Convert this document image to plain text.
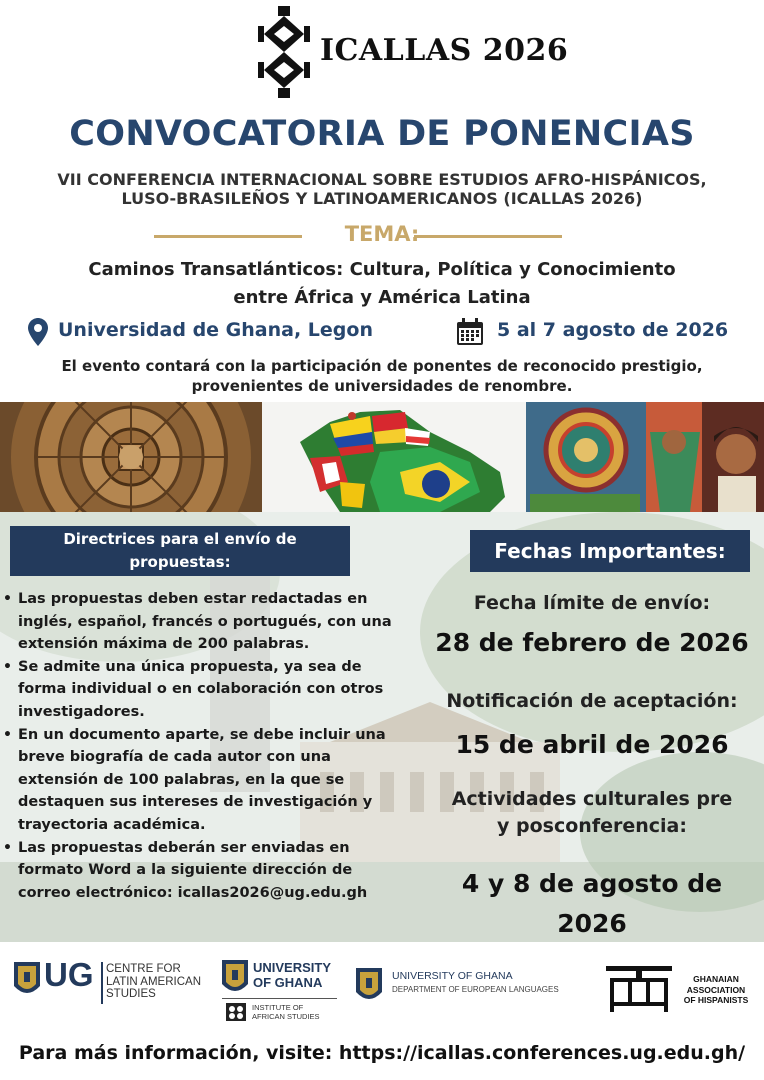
ICALLAS 2026
CONVOCATORIA DE PONENCIAS
VII CONFERENCIA INTERNACIONAL SOBRE ESTUDIOS AFRO-HISPÁNICOS,
LUSO-BRASILEÑOS Y LATINOAMERICANOS (ICALLAS 2026)
TEMA:
Caminos Transatlánticos: Cultura, Política y Conocimiento
entre África y América Latina
Universidad de Ghana, Legon	5 al 7 agosto de 2026
El evento contará con la participación de ponentes de reconocido prestigio,
provenientes de universidades de renombre.
Directrices para el envío de
propuestas:
• Las propuestas deben estar redactadas en inglés, español, francés o portugués, con una extensión máxima de 200 palabras.
• Se admite una única propuesta, ya sea de forma individual o en colaboración con otros investigadores.
• En un documento aparte, se debe incluir una breve biografía de cada autor con una extensión de 100 palabras, en la que se destaquen sus intereses de investigación y trayectoria académica.
• Las propuestas deberán ser enviadas en formato Word a la siguiente dirección de correo electrónico: icallas2026@ug.edu.gh
Fechas Importantes:
Fecha límite de envío:
28 de febrero de 2026
Notificación de aceptación:
15 de abril de 2026
Actividades culturales pre
y posconferencia:
4 y 8 de agosto de
2026
UG CENTRE FOR
LATIN AMERICAN
STUDIES
UNIVERSITY
OF GHANA
INSTITUTE OF
AFRICAN STUDIES
UNIVERSITY OF GHANA
DEPARTMENT OF EUROPEAN LANGUAGES
GHANAIAN
ASSOCIATION
OF HISPANISTS
Para más información, visite: https://icallas.conferences.ug.edu.gh/
